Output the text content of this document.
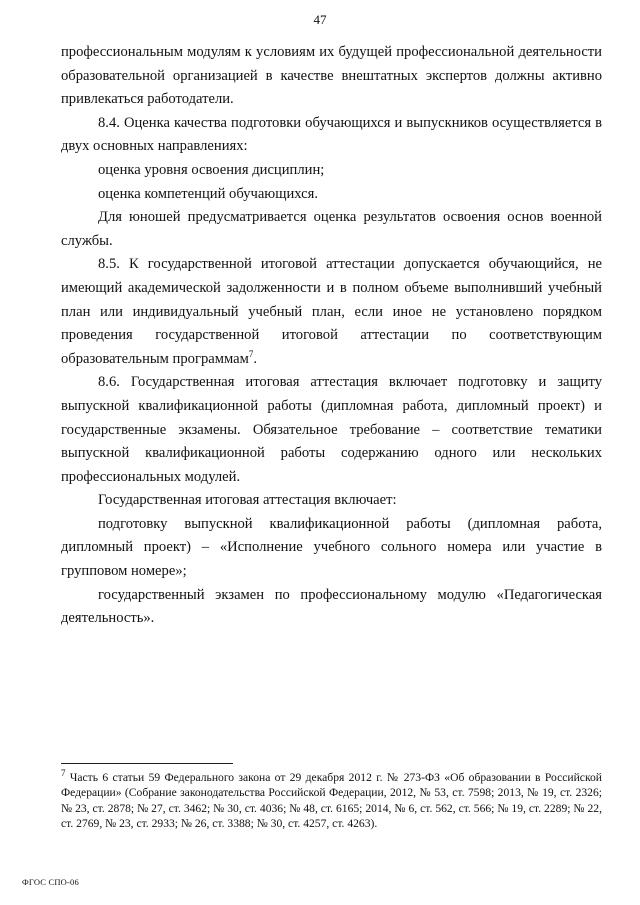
47

профессиональным модулям к условиям их будущей профессиональной деятельности образовательной организацией в качестве внештатных экспертов должны активно привлекаться работодатели.

8.4. Оценка качества подготовки обучающихся и выпускников осуществляется в двух основных направлениях:

оценка уровня освоения дисциплин;

оценка компетенций обучающихся.

Для юношей предусматривается оценка результатов освоения основ военной службы.

8.5. К государственной итоговой аттестации допускается обучающийся, не имеющий академической задолженности и в полном объеме выполнивший учебный план или индивидуальный учебный план, если иное не установлено порядком проведения государственной итоговой аттестации по соответствующим образовательным программам$^7$.

8.6. Государственная итоговая аттестация включает подготовку и защиту выпускной квалификационной работы (дипломная работа, дипломный проект) и государственные экзамены. Обязательное требование – соответствие тематики выпускной квалификационной работы содержанию одного или нескольких профессиональных модулей.

Государственная итоговая аттестация включает:

подготовку выпускной квалификационной работы (дипломная работа, дипломный проект) – «Исполнение учебного сольного номера или участие в групповом номере»;

государственный экзамен по профессиональному модулю «Педагогическая деятельность».

$^7$ Часть 6 статьи 59 Федерального закона от 29 декабря 2012 г. № 273-ФЗ «Об образовании в Российской Федерации» (Собрание законодательства Российской Федерации, 2012, № 53, ст. 7598; 2013, № 19, ст. 2326; № 23, ст. 2878; № 27, ст. 3462; № 30, ст. 4036; № 48, ст. 6165; 2014, № 6, ст. 562, ст. 566; № 19, ст. 2289; № 22, ст. 2769, № 23, ст. 2933; № 26, ст. 3388; № 30, ст. 4257, ст. 4263).
ФГОС СПО-06
